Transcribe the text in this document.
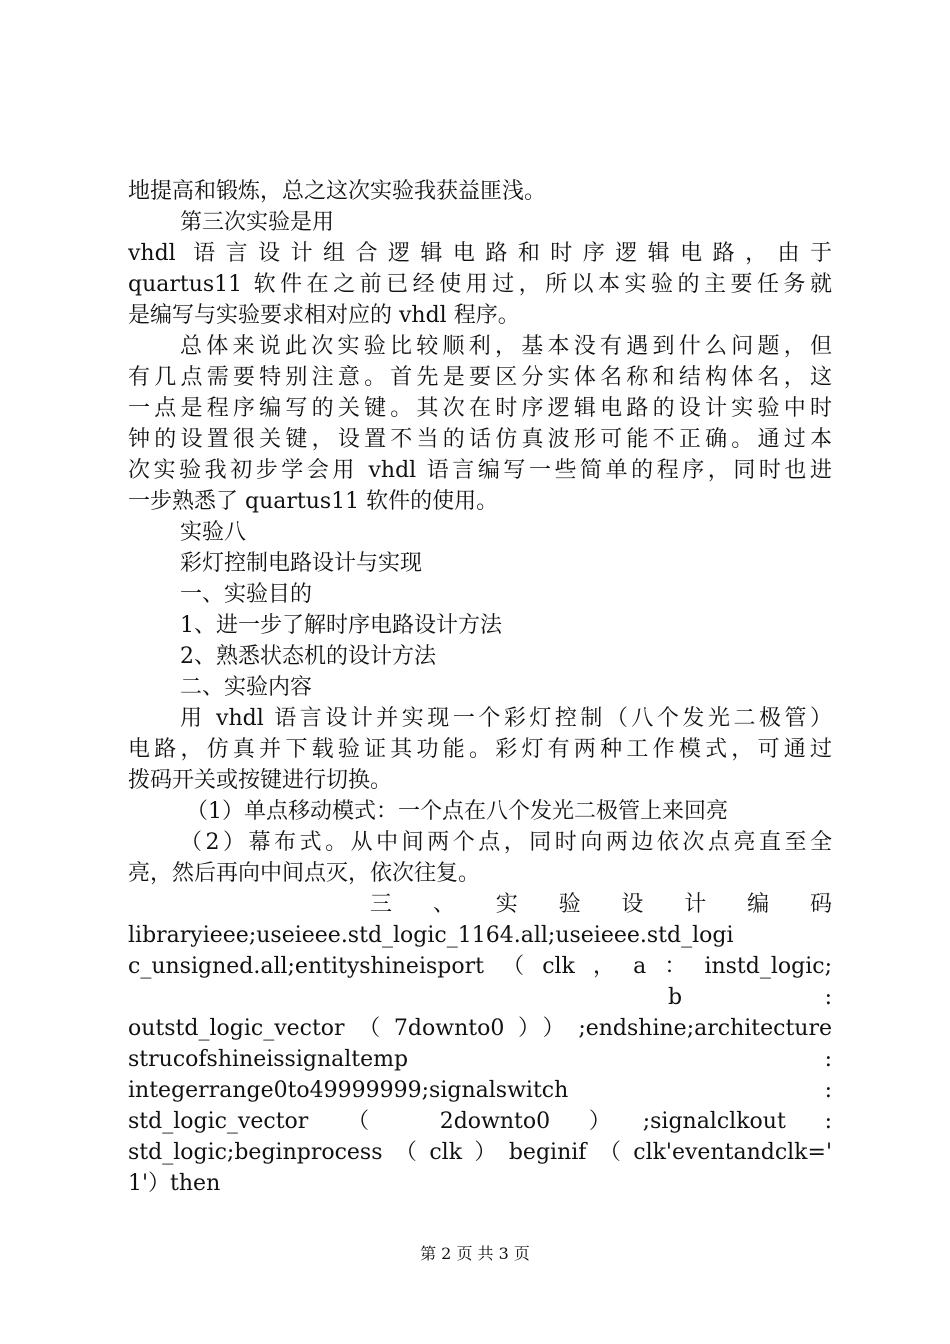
地提高和锻炼，总之这次实验我获益匪浅。
第三次实验是用
vhdl 语言设计组合逻辑电路和时序逻辑电路，由于
quartus11 软件在之前已经使用过，所以本实验的主要任务就
是编写与实验要求相对应的 vhdl 程序。
总体来说此次实验比较顺利，基本没有遇到什么问题，但
有几点需要特别注意。首先是要区分实体名称和结构体名，这
一点是程序编写的关键。其次在时序逻辑电路的设计实验中时
钟的设置很关键，设置不当的话仿真波形可能不正确。通过本
次实验我初步学会用 vhdl 语言编写一些简单的程序，同时也进
一步熟悉了 quartus11 软件的使用。
实验八
彩灯控制电路设计与实现
一、实验目的
1、进一步了解时序电路设计方法
2、熟悉状态机的设计方法
二、实验内容
用 vhdl 语言设计并实现一个彩灯控制（八个发光二极管）
电路，仿真并下载验证其功能。彩灯有两种工作模式，可通过
拨码开关或按键进行切换。
（1）单点移动模式：一个点在八个发光二极管上来回亮
（2）幕布式。从中间两个点，同时向两边依次点亮直至全
亮，然后再向中间点灭，依次往复。
三 、 实 验 设 计 编 码
libraryieee;useieee.std_logic_1164.all;useieee.std_logi
c_unsigned.all;entityshineisport（clk，a：instd_logic;
b :
outstd_logic_vector（7downto0））;endshine;architecture
strucofshineissignaltemp :
integerrange0to49999999;signalswitch :
std_logic_vector （ 2downto0 ）;signalclkout :
std_logic;beginprocess（clk）beginif（clk'eventandclk='
1'）then
第 2 页 共 3 页
